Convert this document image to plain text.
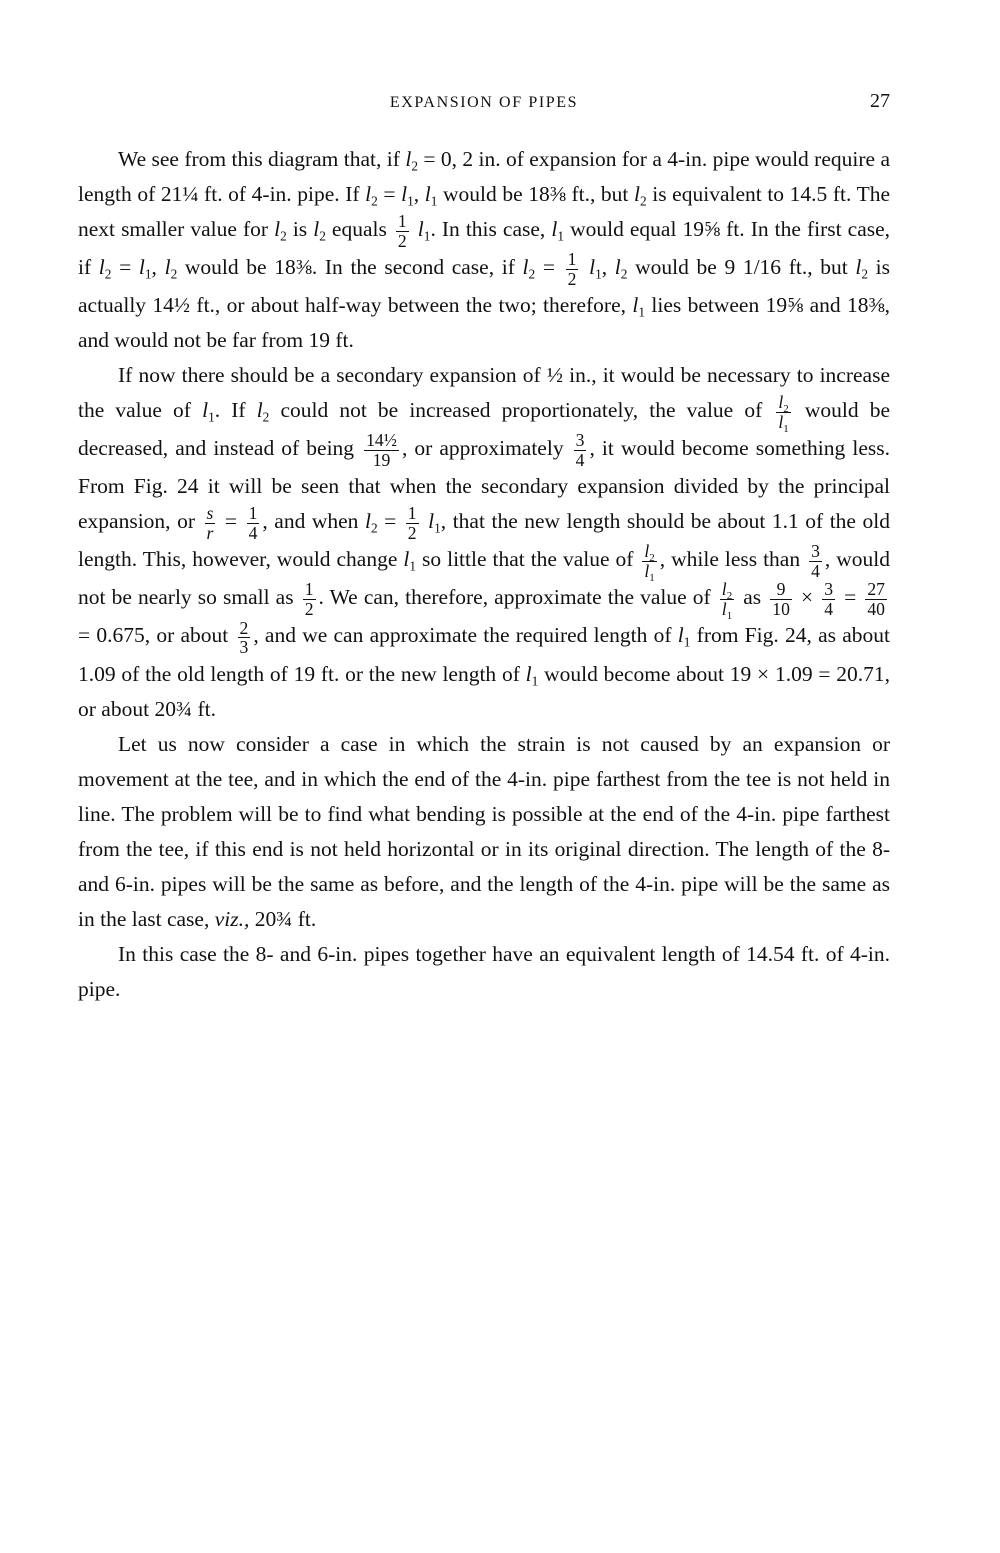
EXPANSION OF PIPES	27

We see from this diagram that, if $l_2 = 0$, 2 in. of expansion for a 4-in. pipe would require a length of 21¼ ft. of 4-in. pipe. If $l_2 = l_1$, $l_1$ would be 18⅜ ft., but $l_2$ is equivalent to 14.5 ft. The next smaller value for $l_2$ is $l_2$ equals $\frac{1}{2} l_1$. In this case, $l_1$ would equal 19⅝ ft. In the first case, if $l_2 = l_1$, $l_2$ would be 18⅜. In the second case, if $l_2 = \frac{1}{2} l_1$, $l_2$ would be 9 1/16 ft., but $l_2$ is actually 14½ ft., or about half-way between the two; therefore, $l_1$ lies between 19⅝ and 18⅜, and would not be far from 19 ft.

If now there should be a secondary expansion of ½ in., it would be necessary to increase the value of $l_1$. If $l_2$ could not be increased proportionately, the value of $\frac{l_2}{l_1}$ would be decreased, and instead of being $\frac{\text{14½}}{19}$ , or approximately $\frac{3}{4}$ , it would become something less. From Fig. 24 it will be seen that when the secondary expansion divided by the principal expansion, or $\frac{s}{r} = \frac{1}{4}$ , and when $l_2 = \frac{1}{2} l_1$, that the new length should be about 1.1 of the old length. This, however, would change $l_1$ so little that the value of $\frac{l_2}{l_1}$ , while less than $\frac{3}{4}$ , would not be nearly so small as $\frac{1}{2}$ . We can, therefore, approximate the value of $\frac{l_2}{l_1}$ as $\frac{9}{10} \times \frac{3}{4} = \frac{27}{40}$
= 0.675, or about $\frac{2}{3}$ , and we can approximate the required length of $l_1$ from Fig. 24, as about 1.09 of the old length of 19 ft. or the new length of $l_1$ would become about 19 × 1.09 = 20.71, or about 20¾ ft.

Let us now consider a case in which the strain is not caused by an expansion or movement at the tee, and in which the end of the 4-in. pipe farthest from the tee is not held in line. The problem will be to find what bending is possible at the end of the 4-in. pipe farthest from the tee, if this end is not held horizontal or in its original direction. The length of the 8- and 6-in. pipes will be the same as before, and the length of the 4-in. pipe will be the same as in the last case, viz., 20¾ ft.

In this case the 8- and 6-in. pipes together have an equivalent length of 14.54 ft. of 4-in. pipe.
